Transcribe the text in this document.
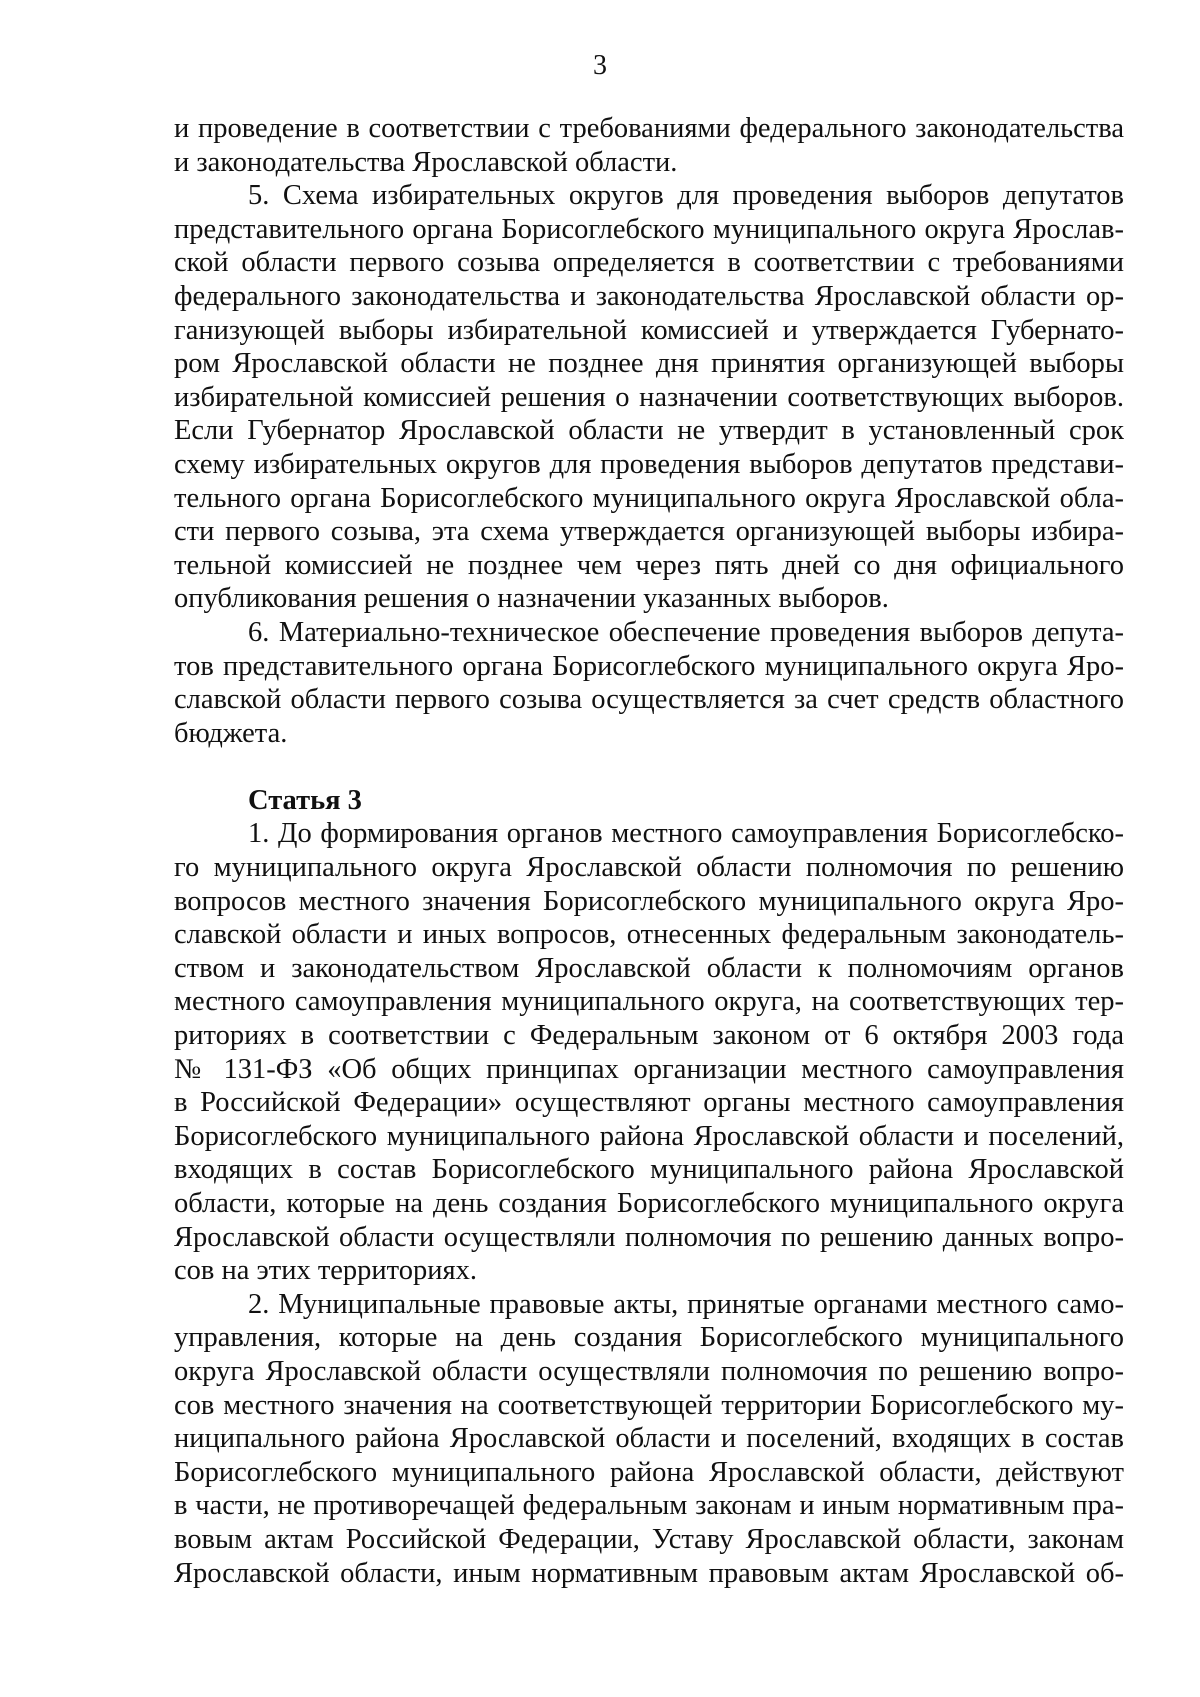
3
и проведение в соответствии с требованиями федерального законодательства
и законодательства Ярославской области.
5. Схема избирательных округов для проведения выборов депутатов
представительного органа Борисоглебского муниципального округа Ярослав-
ской области первого созыва определяется в соответствии с требованиями
федерального законодательства и законодательства Ярославской области ор-
ганизующей выборы избирательной комиссией и утверждается Губернато-
ром Ярославской области не позднее дня принятия организующей выборы
избирательной комиссией решения о назначении соответствующих выборов.
Если Губернатор Ярославской области не утвердит в установленный срок
схему избирательных округов для проведения выборов депутатов представи-
тельного органа Борисоглебского муниципального округа Ярославской обла-
сти первого созыва, эта схема утверждается организующей выборы избира-
тельной комиссией не позднее чем через пять дней со дня официального
опубликования решения о назначении указанных выборов.
6. Материально-техническое обеспечение проведения выборов депута-
тов представительного органа Борисоглебского муниципального округа Яро-
славской области первого созыва осуществляется за счет средств областного
бюджета.
Статья 3
1. До формирования органов местного самоуправления Борисоглебско-
го муниципального округа Ярославской области полномочия по решению
вопросов местного значения Борисоглебского муниципального округа Яро-
славской области и иных вопросов, отнесенных федеральным законодатель-
ством и законодательством Ярославской области к полномочиям органов
местного самоуправления муниципального округа, на соответствующих тер-
риториях в соответствии с Федеральным законом от 6 октября 2003 года
№ 131-ФЗ «Об общих принципах организации местного самоуправления
в Российской Федерации» осуществляют органы местного самоуправления
Борисоглебского муниципального района Ярославской области и поселений,
входящих в состав Борисоглебского муниципального района Ярославской
области, которые на день создания Борисоглебского муниципального округа
Ярославской области осуществляли полномочия по решению данных вопро-
сов на этих территориях.
2. Муниципальные правовые акты, принятые органами местного само-
управления, которые на день создания Борисоглебского муниципального
округа Ярославской области осуществляли полномочия по решению вопро-
сов местного значения на соответствующей территории Борисоглебского му-
ниципального района Ярославской области и поселений, входящих в состав
Борисоглебского муниципального района Ярославской области, действуют
в части, не противоречащей федеральным законам и иным нормативным пра-
вовым актам Российской Федерации, Уставу Ярославской области, законам
Ярославской области, иным нормативным правовым актам Ярославской об-
